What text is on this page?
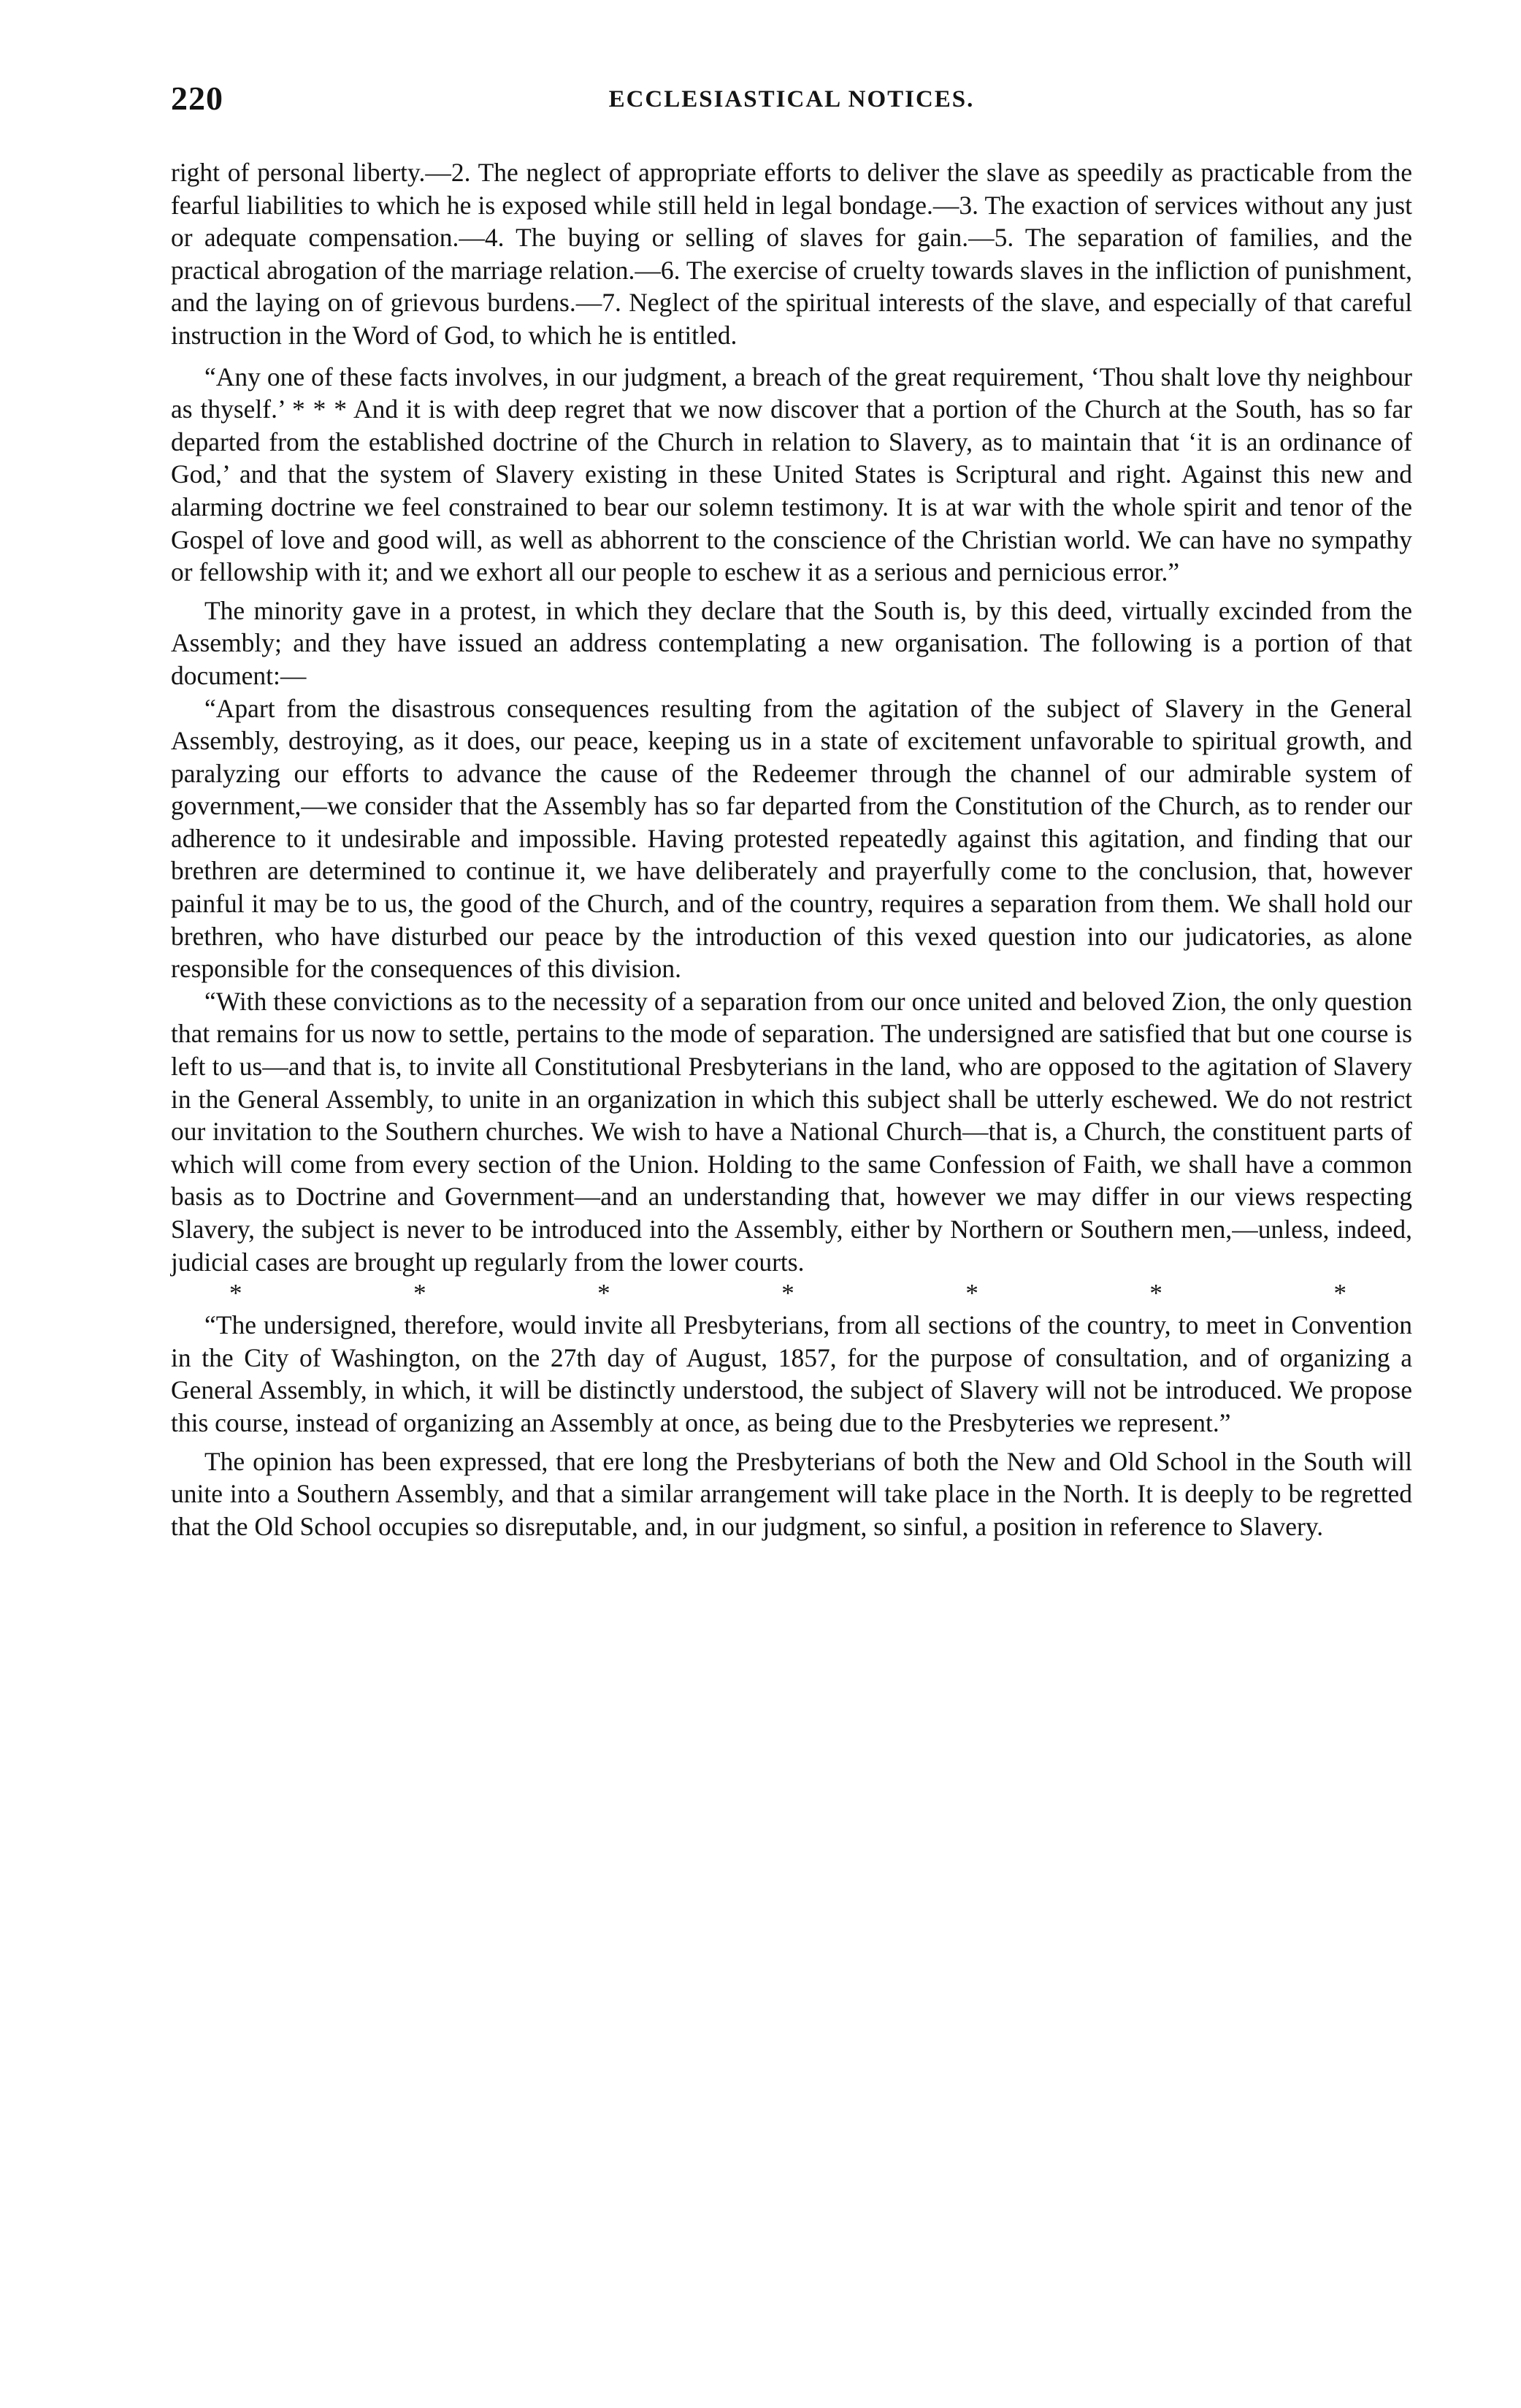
220	ECCLESIASTICAL NOTICES.

right of personal liberty.—2. The neglect of appropriate efforts to deliver the slave as speedily as practicable from the fearful liabilities to which he is exposed while still held in legal bondage.—3. The exaction of services without any just or adequate compensation.—4. The buying or selling of slaves for gain.—5. The separation of families, and the practical abrogation of the marriage relation.—6. The exercise of cruelty towards slaves in the infliction of punishment, and the laying on of grievous burdens.—7. Neglect of the spiritual interests of the slave, and especially of that careful instruction in the Word of God, to which he is entitled.

“Any one of these facts involves, in our judgment, a breach of the great requirement, ‘Thou shalt love thy neighbour as thyself.’ * * * And it is with deep regret that we now discover that a portion of the Church at the South, has so far departed from the established doctrine of the Church in relation to Slavery, as to maintain that ‘it is an ordinance of God,’ and that the system of Slavery existing in these United States is Scriptural and right. Against this new and alarming doctrine we feel constrained to bear our solemn testimony. It is at war with the whole spirit and tenor of the Gospel of love and good will, as well as abhorrent to the conscience of the Christian world. We can have no sympathy or fellowship with it; and we exhort all our people to eschew it as a serious and pernicious error.”

The minority gave in a protest, in which they declare that the South is, by this deed, virtually excinded from the Assembly; and they have issued an address contemplating a new organisation. The following is a portion of that document:—

“Apart from the disastrous consequences resulting from the agitation of the subject of Slavery in the General Assembly, destroying, as it does, our peace, keeping us in a state of excitement unfavorable to spiritual growth, and paralyzing our efforts to advance the cause of the Redeemer through the channel of our admirable system of government,—we consider that the Assembly has so far departed from the Constitution of the Church, as to render our adherence to it undesirable and impossible. Having protested repeatedly against this agitation, and finding that our brethren are determined to continue it, we have deliberately and prayerfully come to the conclusion, that, however painful it may be to us, the good of the Church, and of the country, requires a separation from them. We shall hold our brethren, who have disturbed our peace by the introduction of this vexed question into our judicatories, as alone responsible for the consequences of this division.

“With these convictions as to the necessity of a separation from our once united and beloved Zion, the only question that remains for us now to settle, pertains to the mode of separation. The undersigned are satisfied that but one course is left to us—and that is, to invite all Constitutional Presbyterians in the land, who are opposed to the agitation of Slavery in the General Assembly, to unite in an organization in which this subject shall be utterly eschewed. We do not restrict our invitation to the Southern churches. We wish to have a National Church—that is, a Church, the constituent parts of which will come from every section of the Union. Holding to the same Confession of Faith, we shall have a common basis as to Doctrine and Government—and an understanding that, however we may differ in our views respecting Slavery, the subject is never to be introduced into the Assembly, either by Northern or Southern men,—unless, indeed, judicial cases are brought up regularly from the lower courts.

*	*	*	*	*	*	*

“The undersigned, therefore, would invite all Presbyterians, from all sections of the country, to meet in Convention in the City of Washington, on the 27th day of August, 1857, for the purpose of consultation, and of organizing a General Assembly, in which, it will be distinctly understood, the subject of Slavery will not be introduced. We propose this course, instead of organizing an Assembly at once, as being due to the Presbyteries we represent.”

The opinion has been expressed, that ere long the Presbyterians of both the New and Old School in the South will unite into a Southern Assembly, and that a similar arrangement will take place in the North. It is deeply to be regretted that the Old School occupies so disreputable, and, in our judgment, so sinful, a position in reference to Slavery.
